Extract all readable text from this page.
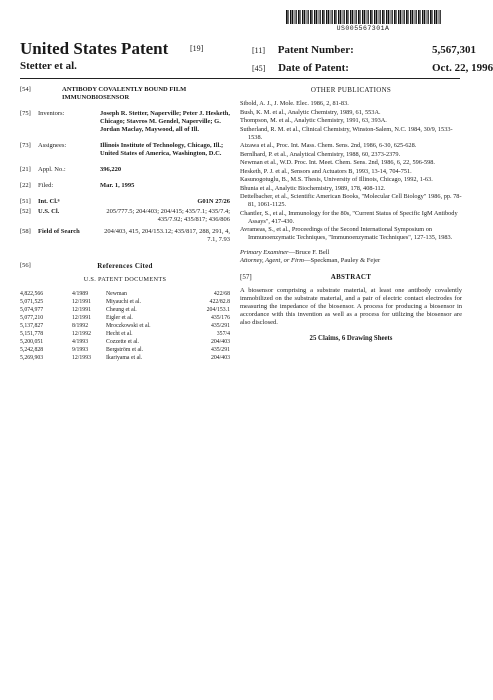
US005567301A
United States Patent	[19]
Stetter et al.
[11] Patent Number:	5,567,301
[45] Date of Patent:	Oct. 22, 1996
[54]	ANTIBODY COVALENTLY BOUND FILM IMMUNOBIOSENSOR
[75] Inventors:	Joseph R. Stetter, Naperville; Peter J. Hesketh, Chicago; Stavros M. Gendel, Naperville; G. Jordan Maclay, Maywood, all of Ill.
[73] Assignees:	Illinois Institute of Technology, Chicago, Ill.; United States of America, Washington, D.C.
[21] Appl. No.:	396,220
[22] Filed:	Mar. 1, 1995
[51] Int. Cl.⁶	G01N 27/26
[52] U.S. Cl.	205/777.5; 204/403; 204/415; 435/7.1; 435/7.4; 435/7.92; 435/817; 436/806
[58] Field of Search	204/403, 415, 204/153.12; 435/817, 288, 291, 4, 7.1, 7.93
[56]	References Cited
U.S. PATENT DOCUMENTS
4,822,566	4/1989	Newman	422/68
5,071,525	12/1991	Miyauchi et al.	422/82.8
5,074,977	12/1991	Cheung et al.	204/153.1
5,077,210	12/1991	Eigler et al.	435/176
5,137,827	8/1992	Mroczkowski et al.	435/291
5,151,778	12/1992	Hecht et al.	357/4
5,200,051	4/1993	Cozzette et al.	204/403
5,242,828	9/1993	Bergström et al.	435/291
5,269,903	12/1993	Ikariyama et al.	204/403
OTHER PUBLICATIONS
Sibold, A. J., J. Mole. Elec. 1986, 2, 81-83.
Bush, K. M. et al., Analytic Chemistry, 1989, 61, 553A.
Thompson, M. et al., Analytic Chemistry, 1991, 63, 393A.
Sutherland, R. M. et al., Clinical Chemistry, Winston-Salem, N.C. 1984, 30/9, 1533-1538.
Aizawa et al., Proc. Int. Mass. Chem. Sens. 2nd, 1986, 6-30, 625-628.
Bernlhard, P. et al., Analytical Chemistry, 1988, 60, 2373-2379.
Newman et al., W.D. Proc. Int. Meet. Chem. Sens. 2nd, 1986, 6, 22, 596-598.
Hesketh, P. J. et al., Sensors and Actuators B, 1993, 13-14, 704-751.
Kasunogotuglu, B., M.S. Thesis, University of Illinois, Chicago, 1992, 1-63.
Bhunia et al., Analytic Biochemistry, 1989, 178, 408-112.
Dettelbacher, et al., Scientific American Books, "Molecular Cell Biology" 1986, pp. 78-81, 1061-1125.
Chantler, S., et al., Immunology for the 80s, "Current Status of Specific IgM Antibody Assays", 417-430.
Avrameas, S., et al., Proceedings of the Second International Symposium on Immunoenzymatic Techniques, "Immunoenzymatic Techniques", 127-135, 1983.
Primary Examiner—Bruce F. Bell
Attorney, Agent, or Firm—Speckman, Pauley & Fejer
[57]	ABSTRACT
A biosensor comprising a substrate material, at least one antibody covalently immobilized on the substrate material, and a pair of electric contact electrodes for measuring the impedance of the biosensor. A process for producing a biosensor in accordance with this invention as well as a process for utilizing the biosensor are also disclosed.
25 Claims, 6 Drawing Sheets
